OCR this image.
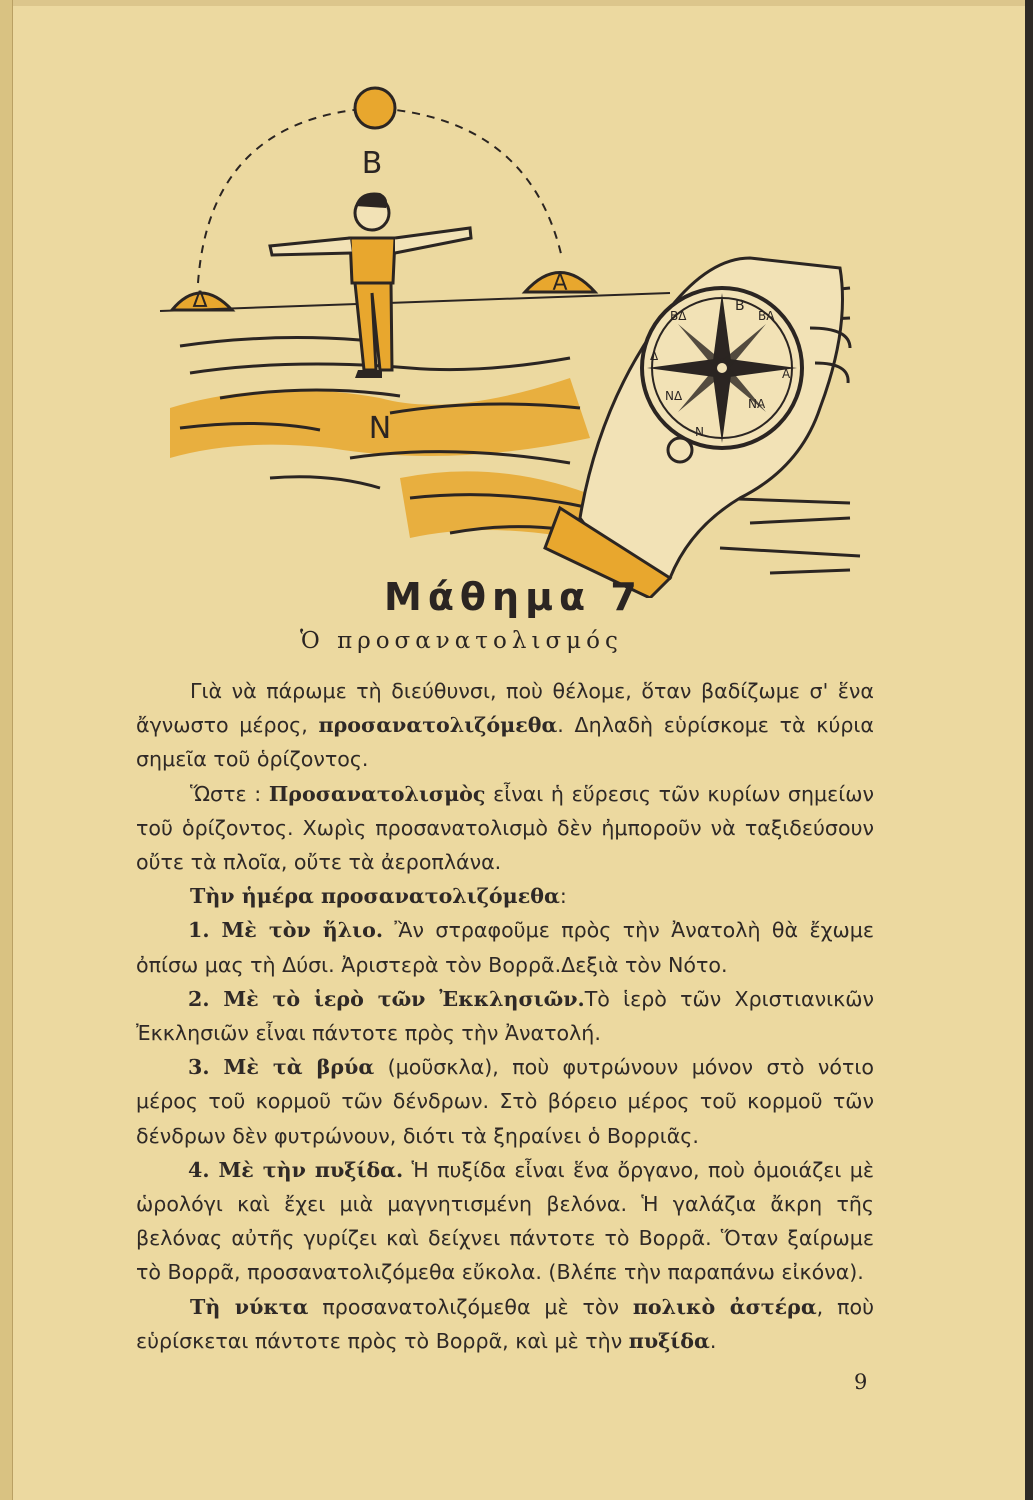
Β
Δ
Α
Ν
Β
ΒΔ	ΒΑ
Δ
Α
ΝΔ
ΝΑ
Ν
Μάθημα 7
Ὁ προσανατολισμός

Γιὰ νὰ πάρωμε τὴ διεύθυνσι, ποὺ θέλομε, ὅταν βαδίζωμε σ' ἕνα ἄγνωστο μέρος, προσανατολιζόμεθα. Δηλαδὴ εὑρίσκομε τὰ κύρια σημεῖα τοῦ ὁρίζοντος.

Ὥστε : Προσανατολισμὸς εἶναι ἡ εὕρεσις τῶν κυρίων σημείων τοῦ ὁρίζοντος. Χωρὶς προσανατολισμὸ δὲν ἠμποροῦν νὰ ταξιδεύσουν οὔτε τὰ πλοῖα, οὔτε τὰ ἀεροπλάνα.

Τὴν ἡμέρα προσανατολιζόμεθα:

1. Μὲ τὸν ἥλιο. Ἂν στραφοῦμε πρὸς τὴν Ἀνατολὴ θὰ ἔχωμε ὀπίσω μας τὴ Δύσι. Ἀριστερὰ τὸν Βορρᾶ.Δεξιὰ τὸν Νότο.

2. Μὲ τὸ ἱερὸ τῶν Ἐκκλησιῶν.Τὸ ἱερὸ τῶν Χριστιανικῶν Ἐκκλησιῶν εἶναι πάντοτε πρὸς τὴν Ἀνατολή.

3. Μὲ τὰ βρύα (μοῦσκλα), ποὺ φυτρώνουν μόνον στὸ νότιο μέρος τοῦ κορμοῦ τῶν δένδρων. Στὸ βόρειο μέρος τοῦ κορμοῦ τῶν δένδρων δὲν φυτρώνουν, διότι τὰ ξηραίνει ὁ Βορριᾶς.

4. Μὲ τὴν πυξίδα. Ἡ πυξίδα εἶναι ἕνα ὄργανο, ποὺ ὁμοιάζει μὲ ὡρολόγι καὶ ἔχει μιὰ μαγνητισμένη βελόνα. Ἡ γαλάζια ἄκρη τῆς βελόνας αὐτῆς γυρίζει καὶ δείχνει πάντοτε τὸ Βορρᾶ. Ὅταν ξαίρωμε τὸ Βορρᾶ, προσανατολιζόμεθα εὔκολα. (Βλέπε τὴν παραπάνω εἰκόνα).

Τὴ νύκτα προσανατολιζόμεθα μὲ τὸν πολικὸ ἀστέρα, ποὺ εὑρίσκεται πάντοτε πρὸς τὸ Βορρᾶ, καὶ μὲ τὴν πυξίδα.

9
